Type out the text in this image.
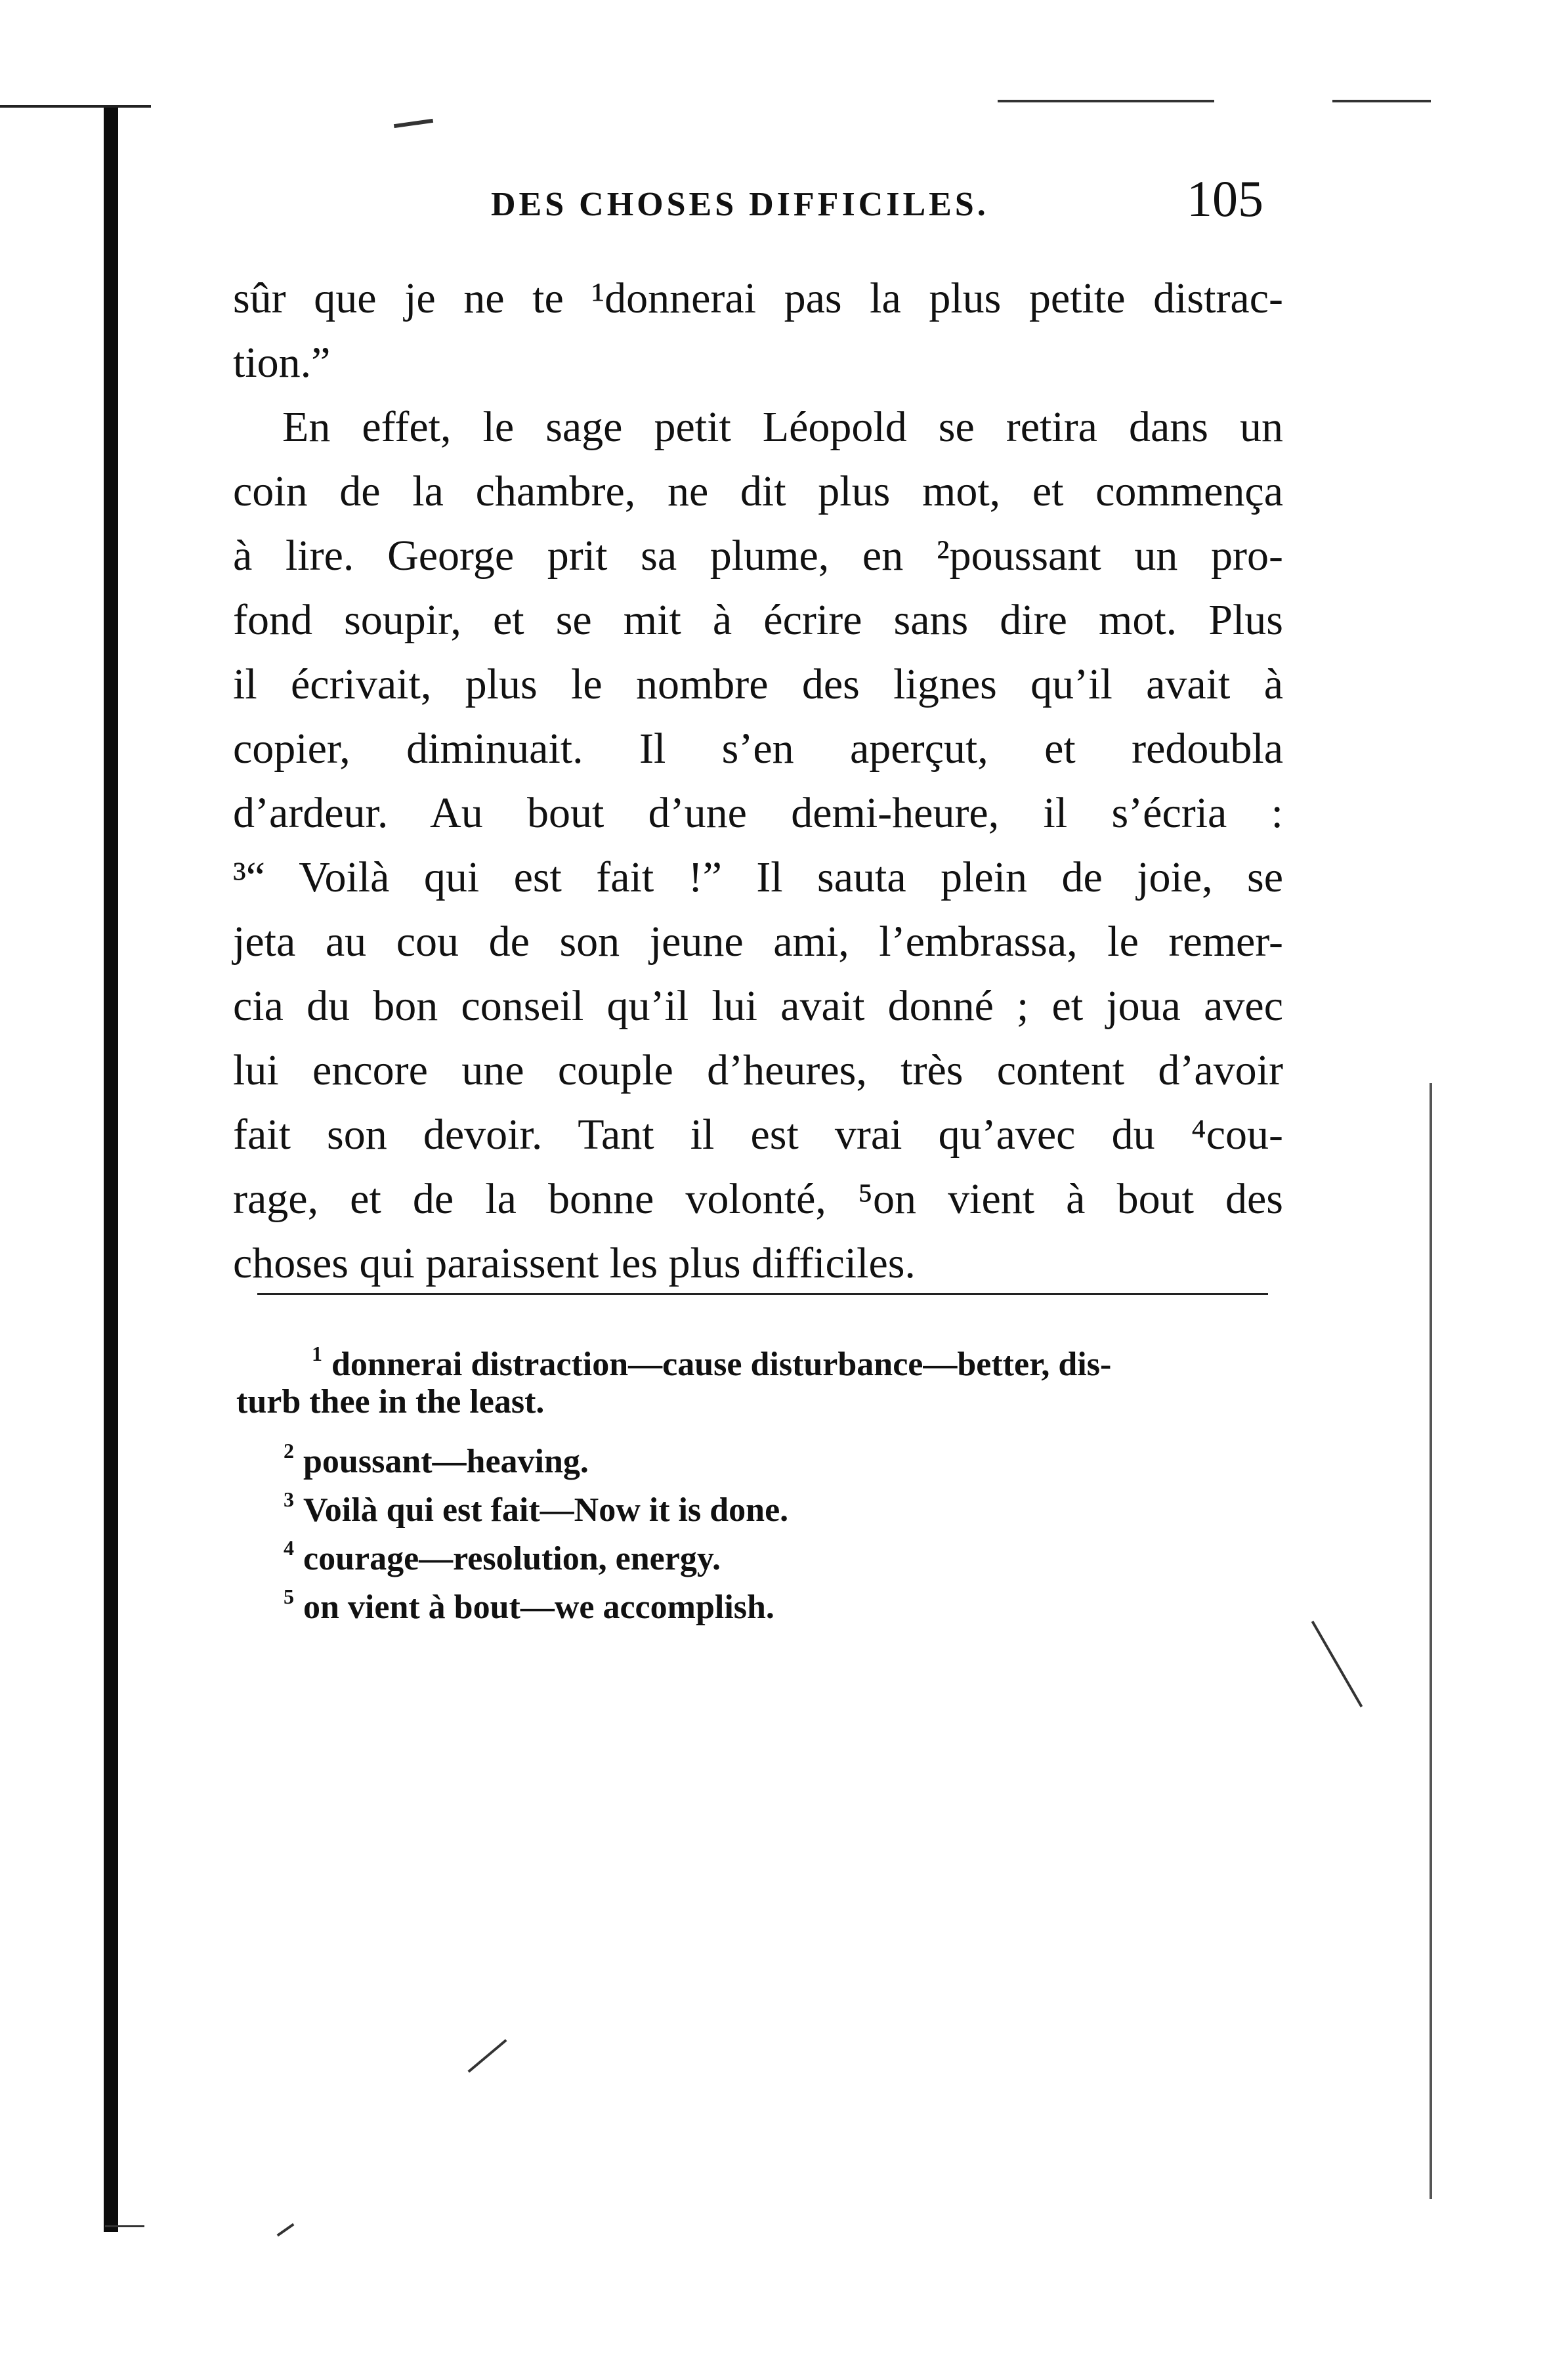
DES CHOSES DIFFICILES.	105
sûr que je ne te ¹donnerai pas la plus petite distrac-
tion.”
En effet, le sage petit Léopold se retira dans un
coin de la chambre, ne dit plus mot, et commença
à lire. George prit sa plume, en ²poussant un pro-
fond soupir, et se mit à écrire sans dire mot. Plus
il écrivait, plus le nombre des lignes qu’il avait à
copier, diminuait. Il s’en aperçut, et redoubla
d’ardeur. Au bout d’une demi-heure, il s’écria :
³“ Voilà qui est fait !” Il sauta plein de joie, se
jeta au cou de son jeune ami, l’embrassa, le remer-
cia du bon conseil qu’il lui avait donné ; et joua avec
lui encore une couple d’heures, très content d’avoir
fait son devoir. Tant il est vrai qu’avec du ⁴cou-
rage, et de la bonne volonté, ⁵on vient à bout des
choses qui paraissent les plus difficiles.
$^1$ donnerai distraction—cause disturbance—better, dis-
turb thee in the least.
$^2$ poussant—heaving.
$^3$ Voilà qui est fait—Now it is done.
$^4$ courage—resolution, energy.
$^5$ on vient à bout—we accomplish.
